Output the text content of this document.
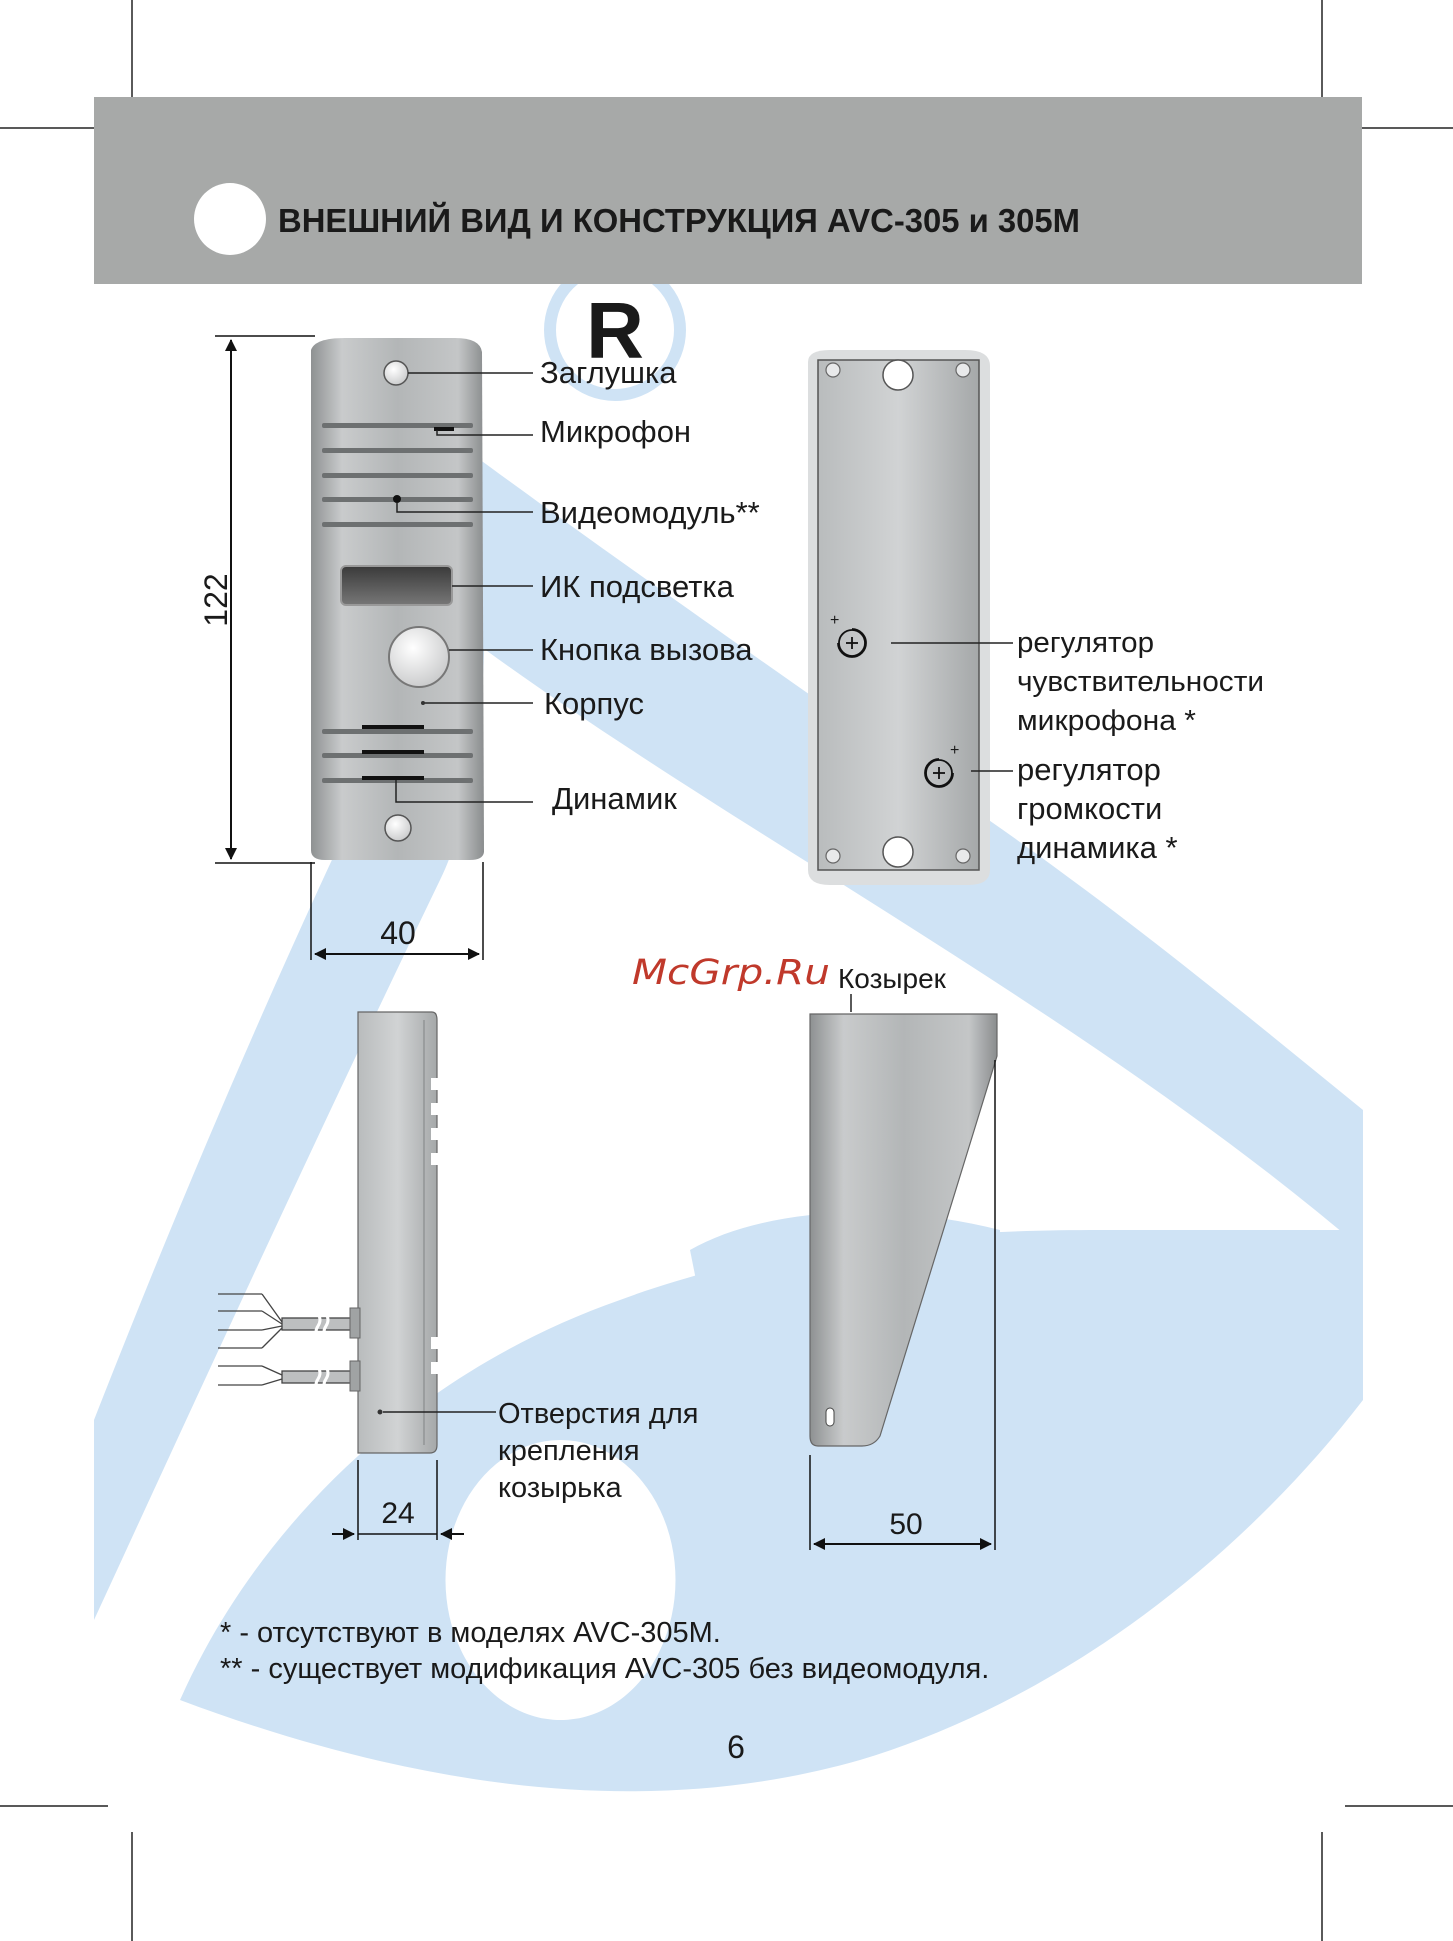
R
ВНЕШНИЙ ВИД И КОНСТРУКЦИЯ AVC-305 и 305M
122
Заглушка
Микрофон
Видеомодуль**
ИК подсветка
Кнопка вызова
Корпус
Динамик
40
+
+
регулятор
чувствительности
микрофона *
регулятор
громкости
динамика *
McGrp.Ru
Отверстия для
крепления
козырька
24
Козырек
50
* - отсутствуют в моделях AVC-305M.
** - существует модификация AVC-305 без видеомодуля.
6
